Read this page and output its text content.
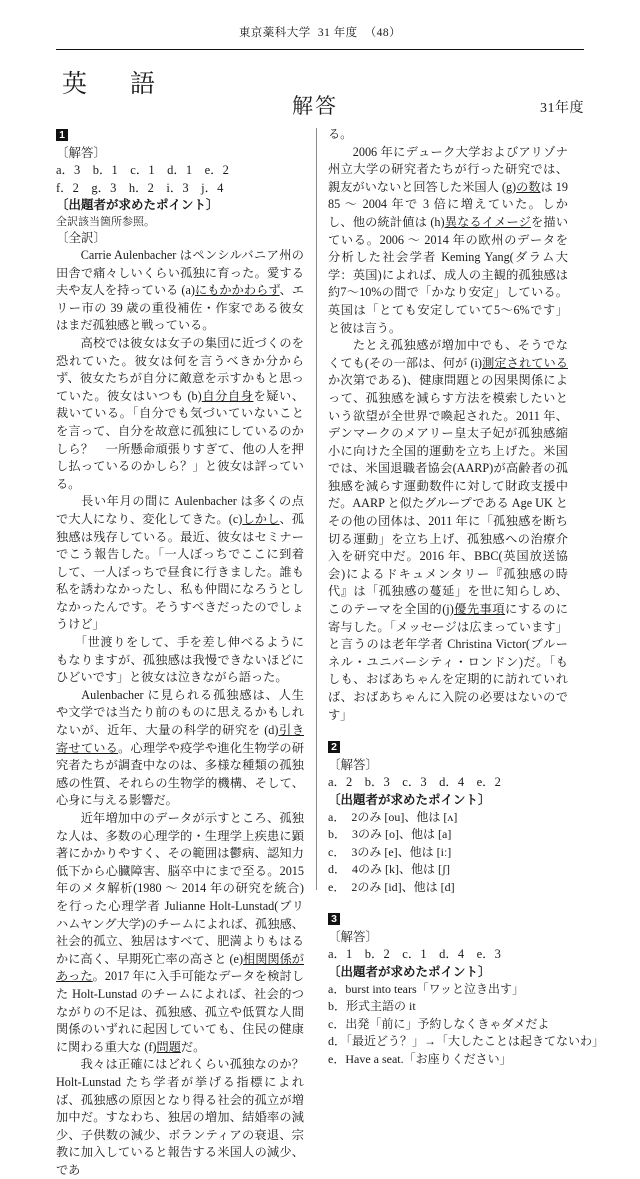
東京薬科大学 31 年度 （48）
英　語
解答	31年度
1
〔解答〕
a．3　b．1　c．1　d．1　e．2
f．2　g．3　h．2　i．3　j．4
〔出題者が求めたポイント〕
全訳該当箇所参照。
〔全訳〕

　Carrie Aulenbacher はペンシルバニア州の田舎で痛々しいくらい孤独に育った。愛する夫や友人を持っている (a)にもかかわらず、エリー市の 39 歳の重役補佐・作家である彼女はまだ孤独感と戦っている。

　高校では彼女は女子の集団に近づくのを恐れていた。彼女は何を言うべきか分からず、彼女たちが自分に敵意を示すかもと思っていた。彼女はいつも (b)自分自身を疑い、裁いている。「自分でも気づいていないことを言って、自分を故意に孤独にしているのかしら？　一所懸命頑張りすぎて、他の人を押し払っているのかしら？」と彼女は評っている。

　長い年月の間に Aulenbacher は多くの点で大人になり、変化してきた。(c)しかし、孤独感は残存している。最近、彼女はセミナーでこう報告した。「一人ぼっちでここに到着して、一人ぼっちで昼食に行きました。誰も私を誘わなかったし、私も仲間になろうとしなかったんです。そうすべきだったのでしょうけど」

　「世渡りをして、手を差し伸べるようにもなりますが、孤独感は我慢できないほどにひどいです」と彼女は泣きながら語った。

　Aulenbacher に見られる孤独感は、人生や文学では当たり前のものに思えるかもしれないが、近年、大量の科学的研究を (d)引き寄せている。心理学や疫学や進化生物学の研究者たちが調査中なのは、多様な種類の孤独感の性質、それらの生物学的機構、そして、心身に与える影響だ。

　近年増加中のデータが示すところ、孤独な人は、多数の心理学的・生理学上疾患に顕著にかかりやすく、その範囲は鬱病、認知力低下から心臓障害、脳卒中にまで至る。2015 年のメタ解析(1980 ～ 2014 年の研究を統合)を行った心理学者 Julianne Holt-Lunstad(ブリハムヤング大学)のチームによれば、孤独感、社会的孤立、独居はすべて、肥満よりもはるかに高く、早期死亡率の高さと (e)相関関係があった。2017 年に入手可能なデータを検討した Holt-Lunstad のチームによれば、社会的つながりの不足は、孤独感、孤立や低質な人間関係のいずれに起因していても、住民の健康に関わる重大な (f)問題だ。

　我々は正確にはどれくらい孤独なのか？　Holt-Lunstad たち学者が挙げる指標によれば、孤独感の原因となり得る社会的孤立が増加中だ。すなわち、独居の増加、結婚率の減少、子供数の減少、ボランティアの衰退、宗教に加入していると報告する米国人の減少、であ

る。

　2006 年にデューク大学およびアリゾナ州立大学の研究者たちが行った研究では、親友がいないと回答した米国人 (g)の数は 1985 ～ 2004 年で 3 倍に増えていた。しかし、他の統計値は (h)異なるイメージを描いている。2006 ～ 2014 年の欧州のデータを分析した社会学者 Keming Yang(ダラム大学：英国)によれば、成人の主観的孤独感は約7～10%の間で「かなり安定」している。英国は「とても安定していて5～6%です」と彼は言う。

　たとえ孤独感が増加中でも、そうでなくても(その一部は、何が (i)測定されているか次第である)、健康問題との因果関係によって、孤独感を減らす方法を模索したいという欲望が全世界で喚起された。2011 年、デンマークのメアリー皇太子妃が孤独感縮小に向けた全国的運動を立ち上げた。米国では、米国退職者協会(AARP)が高齢者の孤独感を減らす運動数件に対して財政支援中だ。AARP と似たグループである Age UK とその他の団体は、2011 年に「孤独感を断ち切る運動」を立ち上げ、孤独感への治療介入を研究中だ。2016 年、BBC(英国放送協会)によるドキュメンタリー『孤独感の時代』は「孤独感の蔓延」を世に知らしめ、このテーマを全国的(j)優先事項にするのに寄与した。「メッセージは広まっています」と言うのは老年学者 Christina Victor(ブルーネル・ユニバーシティ・ロンドン)だ。「もしも、おばあちゃんを定期的に訪れていれば、おばあちゃんに入院の必要はないのです」

2
〔解答〕
a．2　b．3　c．3　d．4　e．2
〔出題者が求めたポイント〕
a．　2のみ [ou]、他は [ʌ]
b．　3のみ [o]、他は [a]
c．　3のみ [e]、他は [iː]
d．　4のみ [k]、他は [ʃ]
e．　2のみ [id]、他は [d]
3
〔解答〕
a．1　b．2　c．1　d．4　e．3
〔出題者が求めたポイント〕
a．burst into tears「ワッと泣き出す」
b．形式主語の it
c．出発「前に」予約しなくきゃダメだよ
d．「最近どう？」→「大したことは起きてないわ」
e．Have a seat.「お座りください」
